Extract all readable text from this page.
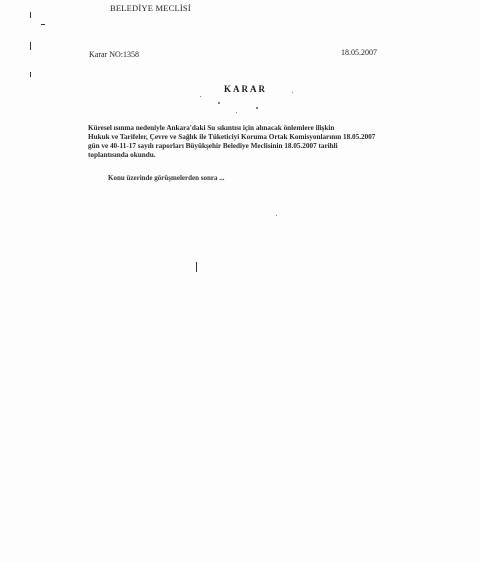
BELEDİYE MECLİSİ
Karar NO:1358	18.05.2007
KARAR
Küresel ısınma nedeniyle Ankara'daki Su sıkıntısı için alınacak önlemlere ilişkin
Hukuk ve Tarifeler, Çevre ve Sağlık ile Tüketiciyi Koruma Ortak Komisyonlarının 18.05.2007
gün ve 40-11-17 sayılı raporları Büyükşehir Belediye Meclisinin 18.05.2007 tarihli
toplantısında okundu.
Konu üzerinde görüşmelerden sonra ...
